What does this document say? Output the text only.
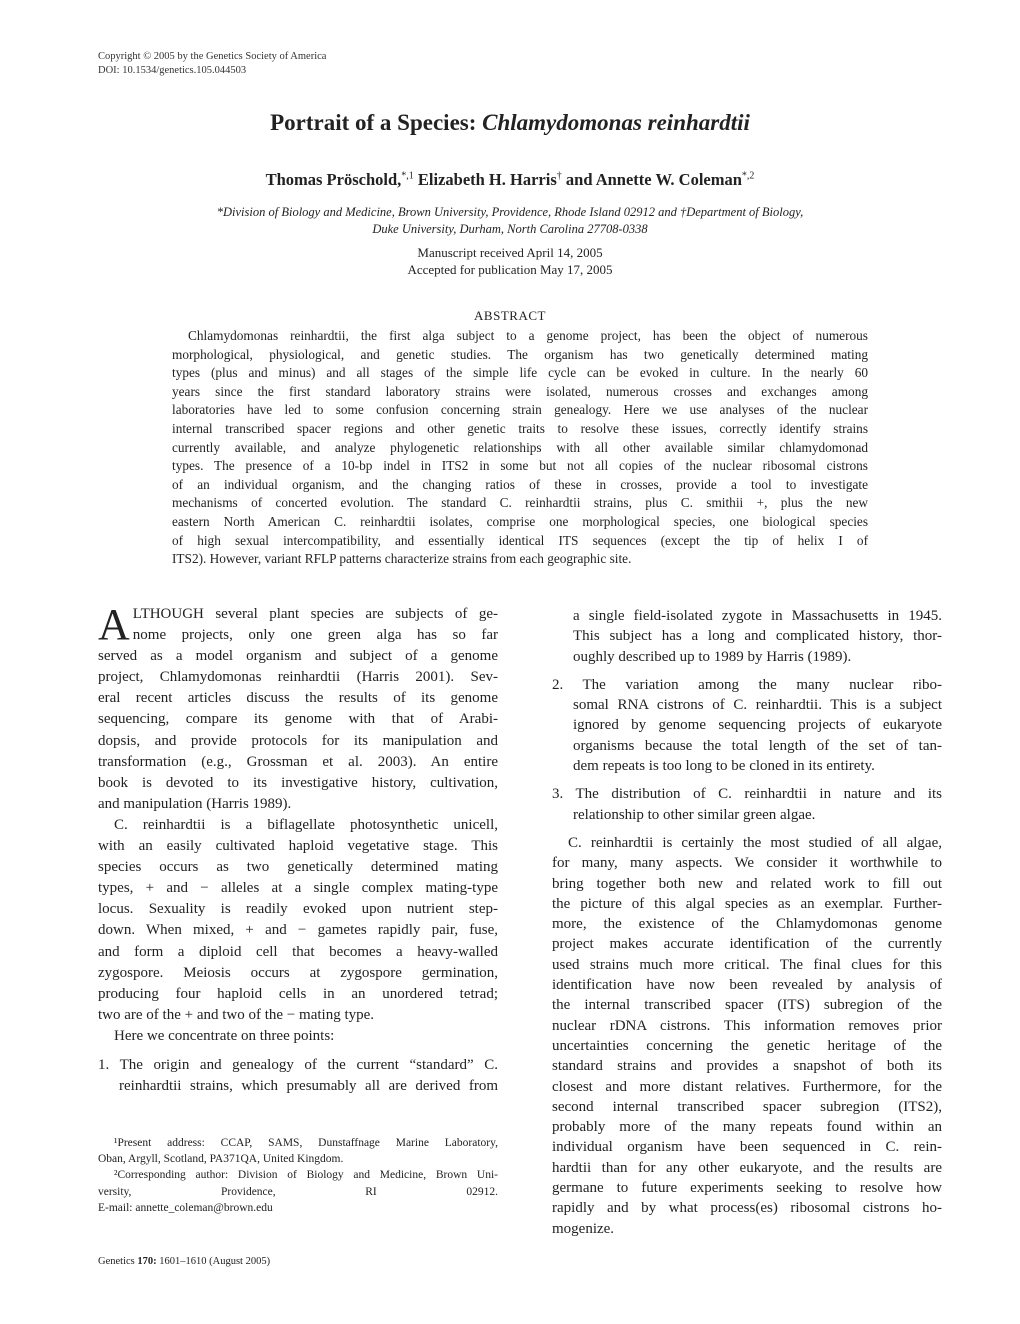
Copyright © 2005 by the Genetics Society of America
DOI: 10.1534/genetics.105.044503
Portrait of a Species: Chlamydomonas reinhardtii
Thomas Pröschold,$^{*,1}$ Elizabeth H. Harris† and Annette W. Coleman$^{*,2}$
*Division of Biology and Medicine, Brown University, Providence, Rhode Island 02912 and †Department of Biology,
Duke University, Durham, North Carolina 27708-0338
Manuscript received April 14, 2005
Accepted for publication May 17, 2005
ABSTRACT
Chlamydomonas reinhardtii, the first alga subject to a genome project, has been the object of numerous
morphological, physiological, and genetic studies. The organism has two genetically determined mating
types (plus and minus) and all stages of the simple life cycle can be evoked in culture. In the nearly 60
years since the first standard laboratory strains were isolated, numerous crosses and exchanges among
laboratories have led to some confusion concerning strain genealogy. Here we use analyses of the nuclear
internal transcribed spacer regions and other genetic traits to resolve these issues, correctly identify strains
currently available, and analyze phylogenetic relationships with all other available similar chlamydomonad
types. The presence of a 10-bp indel in ITS2 in some but not all copies of the nuclear ribosomal cistrons
of an individual organism, and the changing ratios of these in crosses, provide a tool to investigate
mechanisms of concerted evolution. The standard C. reinhardtii strains, plus C. smithii +, plus the new
eastern North American C. reinhardtii isolates, comprise one morphological species, one biological species
of high sexual intercompatibility, and essentially identical ITS sequences (except the tip of helix I of
ITS2). However, variant RFLP patterns characterize strains from each geographic site.
A LTHOUGH several plant species are subjects of ge-
nome projects, only one green alga has so far
served as a model organism and subject of a genome
project, Chlamydomonas reinhardtii (Harris 2001). Sev-
eral recent articles discuss the results of its genome
sequencing, compare its genome with that of Arabi-
dopsis, and provide protocols for its manipulation and
transformation (e.g., Grossman et al. 2003). An entire
book is devoted to its investigative history, cultivation,
and manipulation (Harris 1989).
C. reinhardtii is a biflagellate photosynthetic unicell,
with an easily cultivated haploid vegetative stage. This
species occurs as two genetically determined mating
types, + and − alleles at a single complex mating-type
locus. Sexuality is readily evoked upon nutrient step-
down. When mixed, + and − gametes rapidly pair, fuse,
and form a diploid cell that becomes a heavy-walled
zygospore. Meiosis occurs at zygospore germination,
producing four haploid cells in an unordered tetrad;
two are of the + and two of the − mating type.
Here we concentrate on three points:
1. The origin and genealogy of the current “standard” C.
reinhardtii strains, which presumably all are derived from
a single field-isolated zygote in Massachusetts in 1945.
This subject has a long and complicated history, thor-
oughly described up to 1989 by Harris (1989).
2. The variation among the many nuclear ribo-
somal RNA cistrons of C. reinhardtii. This is a subject
ignored by genome sequencing projects of eukaryote
organisms because the total length of the set of tan-
dem repeats is too long to be cloned in its entirety.
3. The distribution of C. reinhardtii in nature and its
relationship to other similar green algae.
C. reinhardtii is certainly the most studied of all algae,
for many, many aspects. We consider it worthwhile to
bring together both new and related work to fill out
the picture of this algal species as an exemplar. Further-
more, the existence of the Chlamydomonas genome
project makes accurate identification of the currently
used strains much more critical. The final clues for this
identification have now been revealed by analysis of
the internal transcribed spacer (ITS) subregion of the
nuclear rDNA cistrons. This information removes prior
uncertainties concerning the genetic heritage of the
standard strains and provides a snapshot of both its
closest and more distant relatives. Furthermore, for the
second internal transcribed spacer subregion (ITS2),
probably more of the many repeats found within an
individual organism have been sequenced in C. rein-
hardtii than for any other eukaryote, and the results are
germane to future experiments seeking to resolve how
rapidly and by what process(es) ribosomal cistrons ho-
mogenize.
¹Present address: CCAP, SAMS, Dunstaffnage Marine Laboratory,
Oban, Argyll, Scotland, PA371QA, United Kingdom.
²Corresponding author: Division of Biology and Medicine, Brown Uni-
versity, Providence, RI 02912.
E-mail: annette_coleman@brown.edu
Genetics 170: 1601–1610 (August 2005)
